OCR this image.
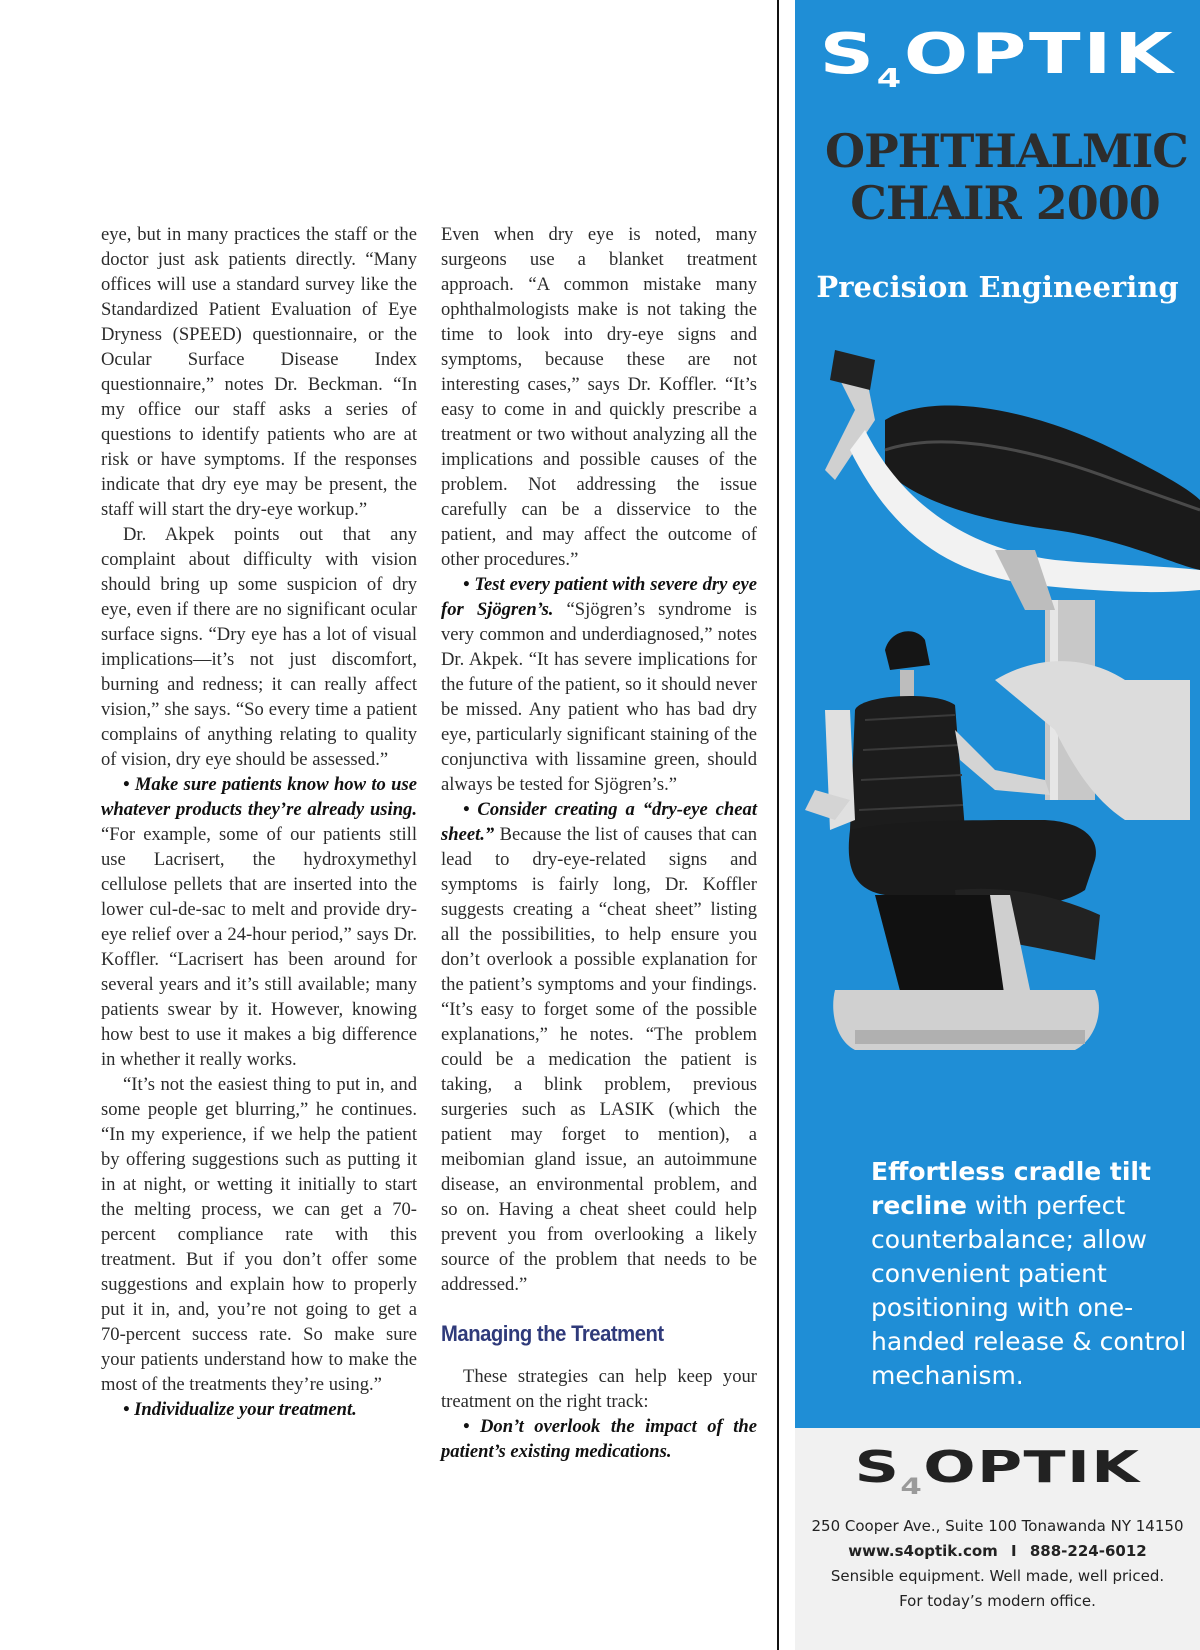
eye, but in many practices the staff or the doctor just ask patients directly. “Many offices will use a standard survey like the Standardized Patient Evaluation of Eye Dryness (SPEED) questionnaire, or the Ocular Surface Disease Index questionnaire,” notes Dr. Beckman. “In my office our staff asks a series of questions to identify patients who are at risk or have symptoms. If the responses indicate that dry eye may be present, the staff will start the dry-eye workup.”

Dr. Akpek points out that any complaint about difficulty with vision should bring up some suspicion of dry eye, even if there are no significant ocular surface signs. “Dry eye has a lot of visual implications—it’s not just discomfort, burning and redness; it can really affect vision,” she says. “So every time a patient complains of anything relating to quality of vision, dry eye should be assessed.”

• Make sure patients know how to use whatever products they’re already using. “For example, some of our patients still use Lacrisert, the hydroxymethyl cellulose pellets that are inserted into the lower cul-de-sac to melt and provide dry-eye relief over a 24-hour period,” says Dr. Koffler. “Lacrisert has been around for several years and it’s still available; many patients swear by it. However, knowing how best to use it makes a big difference in whether it really works.

“It’s not the easiest thing to put in, and some people get blurring,” he continues. “In my experience, if we help the patient by offering suggestions such as putting it in at night, or wetting it initially to start the melting process, we can get a 70-percent compliance rate with this treatment. But if you don’t offer some suggestions and explain how to properly put it in, and, you’re not going to get a 70-percent success rate. So make sure your patients understand how to make the most of the treatments they’re using.”

• Individualize your treatment.

Even when dry eye is noted, many surgeons use a blanket treatment approach. “A common mistake many ophthalmologists make is not taking the time to look into dry-eye signs and symptoms, because these are not interesting cases,” says Dr. Koffler. “It’s easy to come in and quickly prescribe a treatment or two without analyzing all the implications and possible causes of the problem. Not addressing the issue carefully can be a disservice to the patient, and may affect the outcome of other procedures.”

• Test every patient with severe dry eye for Sjögren’s. “Sjögren’s syndrome is very common and underdiagnosed,” notes Dr. Akpek. “It has severe implications for the future of the patient, so it should never be missed. Any patient who has bad dry eye, particularly significant staining of the conjunctiva with lissamine green, should always be tested for Sjögren’s.”

• Consider creating a “dry-eye cheat sheet.” Because the list of causes that can lead to dry-eye-related signs and symptoms is fairly long, Dr. Koffler suggests creating a “cheat sheet” listing all the possibilities, to help ensure you don’t overlook a possible explanation for the patient’s symptoms and your findings. “It’s easy to forget some of the possible explanations,” he notes. “The problem could be a medication the patient is taking, a blink problem, previous surgeries such as LASIK (which the patient may forget to mention), a meibomian gland issue, an autoimmune disease, an environmental problem, and so on. Having a cheat sheet could help prevent you from overlooking a likely source of the problem that needs to be addressed.”

Managing the Treatment

These strategies can help keep your treatment on the right track:

• Don’t overlook the impact of the patient’s existing medications.

$S_4OPTIK$
OPHTHALMIC
CHAIR 2000
Precision Engineering
Effortless cradle tilt recline with perfect counterbalance; allow convenient patient positioning with one-handed release & control mechanism.
$S_4OPTIK$
250 Cooper Ave., Suite 100 Tonawanda NY 14150
www.s4optik.com I 888-224-6012
Sensible equipment. Well made, well priced.
For today’s modern office.
